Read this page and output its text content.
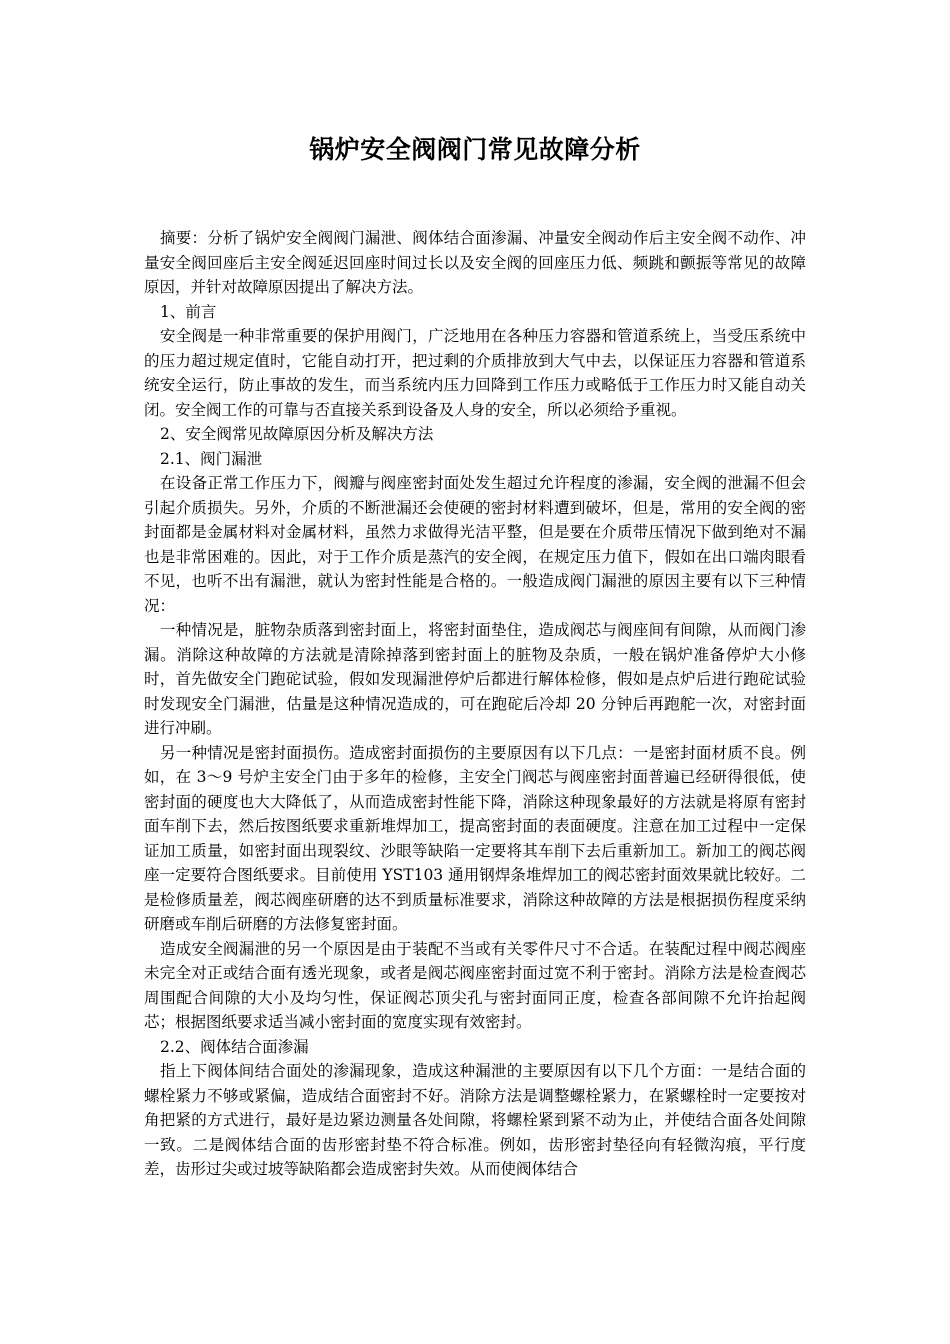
锅炉安全阀阀门常见故障分析

摘要：分析了锅炉安全阀阀门漏泄、阀体结合面渗漏、冲量安全阀动作后主安全阀不动作、冲量安全阀回座后主安全阀延迟回座时间过长以及安全阀的回座压力低、频跳和颤振等常见的故障原因，并针对故障原因提出了解决方法。

1、前言

安全阀是一种非常重要的保护用阀门，广泛地用在各种压力容器和管道系统上，当受压系统中的压力超过规定值时，它能自动打开，把过剩的介质排放到大气中去，以保证压力容器和管道系统安全运行，防止事故的发生，而当系统内压力回降到工作压力或略低于工作压力时又能自动关闭。安全阀工作的可靠与否直接关系到设备及人身的安全，所以必须给予重视。

2、安全阀常见故障原因分析及解决方法

2.1、阀门漏泄

在设备正常工作压力下，阀瓣与阀座密封面处发生超过允许程度的渗漏，安全阀的泄漏不但会引起介质损失。另外，介质的不断泄漏还会使硬的密封材料遭到破坏，但是，常用的安全阀的密封面都是金属材料对金属材料，虽然力求做得光洁平整，但是要在介质带压情况下做到绝对不漏也是非常困难的。因此，对于工作介质是蒸汽的安全阀，在规定压力值下，假如在出口端肉眼看不见，也听不出有漏泄，就认为密封性能是合格的。一般造成阀门漏泄的原因主要有以下三种情况：

一种情况是，脏物杂质落到密封面上，将密封面垫住，造成阀芯与阀座间有间隙，从而阀门渗漏。消除这种故障的方法就是清除掉落到密封面上的脏物及杂质，一般在锅炉准备停炉大小修时，首先做安全门跑砣试验，假如发现漏泄停炉后都进行解体检修，假如是点炉后进行跑砣试验时发现安全门漏泄，估量是这种情况造成的，可在跑砣后冷却 20 分钟后再跑舵一次，对密封面进行冲刷。

另一种情况是密封面损伤。造成密封面损伤的主要原因有以下几点：一是密封面材质不良。例如，在 3～9 号炉主安全门由于多年的检修，主安全门阀芯与阀座密封面普遍已经研得很低，使密封面的硬度也大大降低了，从而造成密封性能下降，消除这种现象最好的方法就是将原有密封面车削下去，然后按图纸要求重新堆焊加工，提高密封面的表面硬度。注意在加工过程中一定保证加工质量，如密封面出现裂纹、沙眼等缺陷一定要将其车削下去后重新加工。新加工的阀芯阀座一定要符合图纸要求。目前使用 YST103 通用钢焊条堆焊加工的阀芯密封面效果就比较好。二是检修质量差，阀芯阀座研磨的达不到质量标准要求，消除这种故障的方法是根据损伤程度采纳研磨或车削后研磨的方法修复密封面。

造成安全阀漏泄的另一个原因是由于装配不当或有关零件尺寸不合适。在装配过程中阀芯阀座未完全对正或结合面有透光现象，或者是阀芯阀座密封面过宽不利于密封。消除方法是检查阀芯周围配合间隙的大小及均匀性，保证阀芯顶尖孔与密封面同正度，检查各部间隙不允许抬起阀芯；根据图纸要求适当减小密封面的宽度实现有效密封。

2.2、阀体结合面渗漏

指上下阀体间结合面处的渗漏现象，造成这种漏泄的主要原因有以下几个方面：一是结合面的螺栓紧力不够或紧偏，造成结合面密封不好。消除方法是调整螺栓紧力，在紧螺栓时一定要按对角把紧的方式进行，最好是边紧边测量各处间隙，将螺栓紧到紧不动为止，并使结合面各处间隙一致。二是阀体结合面的齿形密封垫不符合标准。例如，齿形密封垫径向有轻微沟痕，平行度差，齿形过尖或过坡等缺陷都会造成密封失效。从而使阀体结合
